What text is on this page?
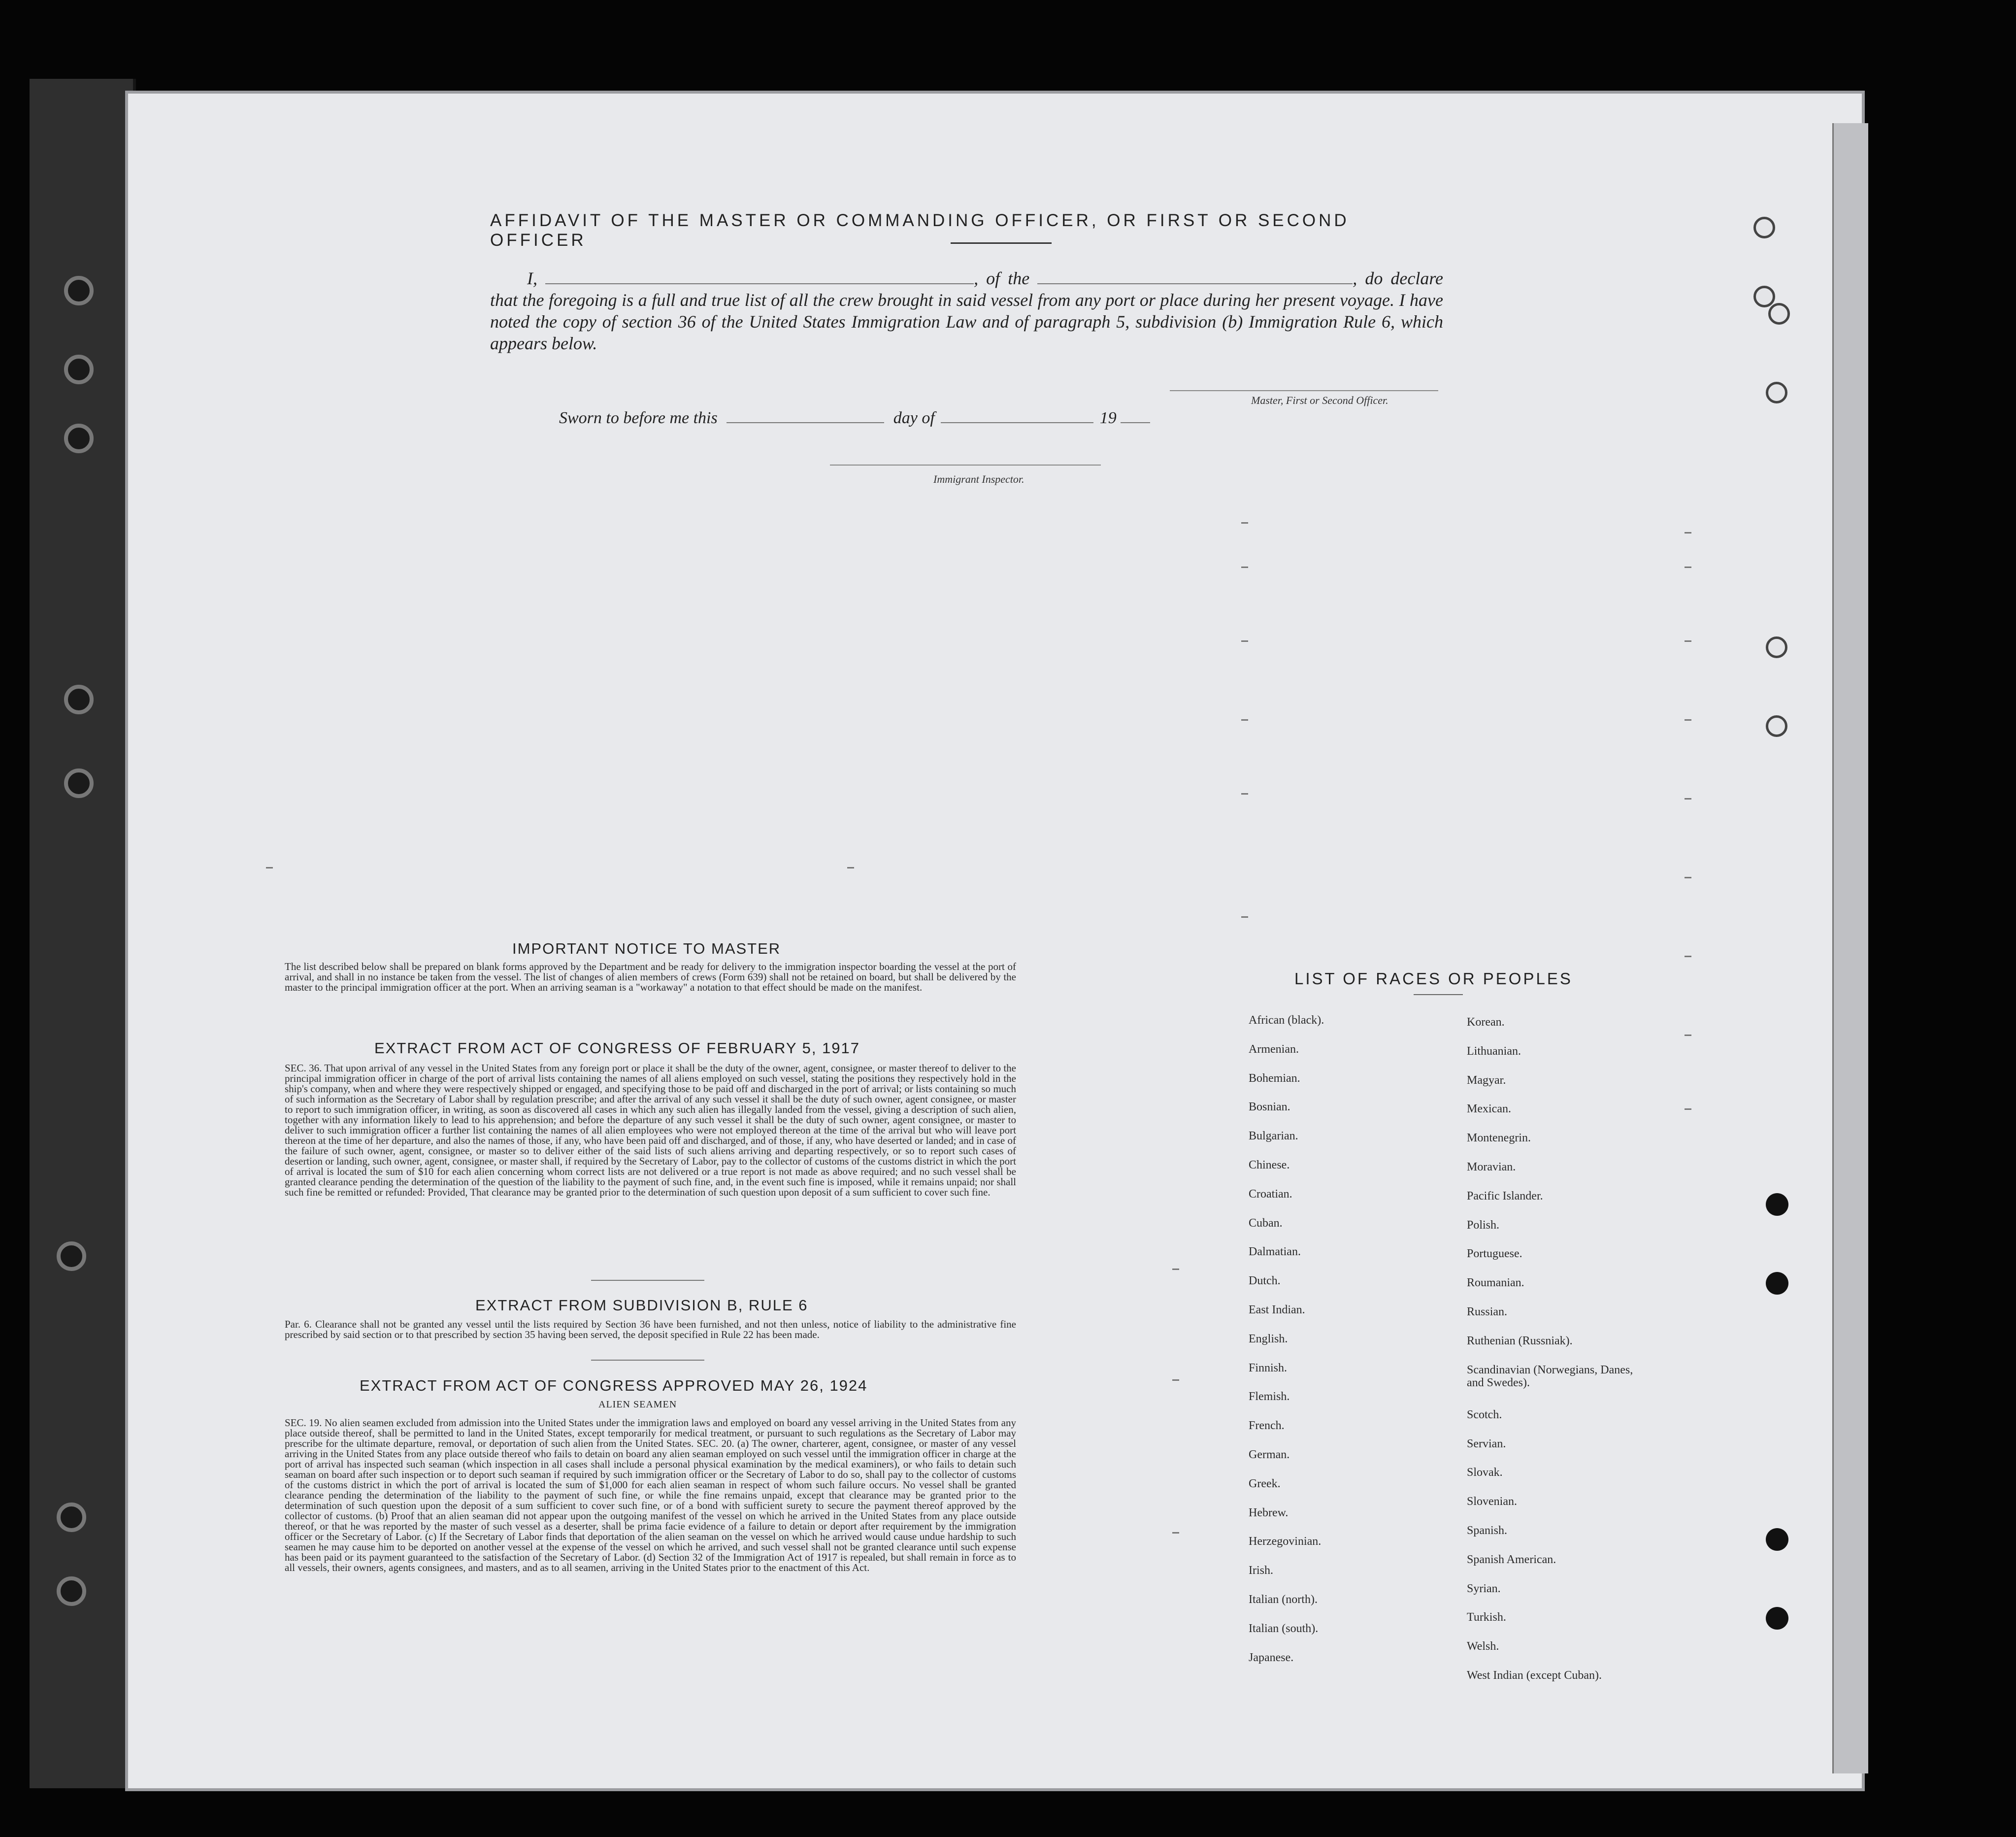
AFFIDAVIT OF THE MASTER OR COMMANDING OFFICER, OR FIRST OR SECOND OFFICER
I,	, of the	, do declare that the foregoing is a full and true list of all the crew brought in said vessel from any port or place during her present voyage. I have noted the copy of section 36 of the United States Immigration Law and of paragraph 5, subdivision (b) Immigration Rule 6, which appears below.
Master, First or Second Officer.
Sworn to before me this	day of	19
Immigrant Inspector.
IMPORTANT NOTICE TO MASTER
The list described below shall be prepared on blank forms approved by the Department and be ready for delivery to the immigration inspector boarding the vessel at the port of arrival, and shall in no instance be taken from the vessel. The list of changes of alien members of crews (Form 639) shall not be retained on board, but shall be delivered by the master to the principal immigration officer at the port. When an arriving seaman is a "workaway" a notation to that effect should be made on the manifest.
EXTRACT FROM ACT OF CONGRESS OF FEBRUARY 5, 1917
SEC. 36. That upon arrival of any vessel in the United States from any foreign port or place it shall be the duty of the owner, agent, consignee, or master thereof to deliver to the principal immigration officer in charge of the port of arrival lists containing the names of all aliens employed on such vessel, stating the positions they respectively hold in the ship's company, when and where they were respectively shipped or engaged, and specifying those to be paid off and discharged in the port of arrival; or lists containing so much of such information as the Secretary of Labor shall by regulation prescribe; and after the arrival of any such vessel it shall be the duty of such owner, agent consignee, or master to report to such immigration officer, in writing, as soon as discovered all cases in which any such alien has illegally landed from the vessel, giving a description of such alien, together with any information likely to lead to his apprehension; and before the departure of any such vessel it shall be the duty of such owner, agent consignee, or master to deliver to such immigration officer a further list containing the names of all alien employees who were not employed thereon at the time of the arrival but who will leave port thereon at the time of her departure, and also the names of those, if any, who have been paid off and discharged, and of those, if any, who have deserted or landed; and in case of the failure of such owner, agent, consignee, or master so to deliver either of the said lists of such aliens arriving and departing respectively, or so to report such cases of desertion or landing, such owner, agent, consignee, or master shall, if required by the Secretary of Labor, pay to the collector of customs of the customs district in which the port of arrival is located the sum of $10 for each alien concerning whom correct lists are not delivered or a true report is not made as above required; and no such vessel shall be granted clearance pending the determination of the question of the liability to the payment of such fine, and, in the event such fine is imposed, while it remains unpaid; nor shall such fine be remitted or refunded: Provided, That clearance may be granted prior to the determination of such question upon deposit of a sum sufficient to cover such fine.
EXTRACT FROM SUBDIVISION B, RULE 6
Par. 6. Clearance shall not be granted any vessel until the lists required by Section 36 have been furnished, and not then unless, notice of liability to the administrative fine prescribed by said section or to that prescribed by section 35 having been served, the deposit specified in Rule 22 has been made.
EXTRACT FROM ACT OF CONGRESS APPROVED MAY 26, 1924
ALIEN SEAMEN
SEC. 19. No alien seamen excluded from admission into the United States under the immigration laws and employed on board any vessel arriving in the United States from any place outside thereof, shall be permitted to land in the United States, except temporarily for medical treatment, or pursuant to such regulations as the Secretary of Labor may prescribe for the ultimate departure, removal, or deportation of such alien from the United States. SEC. 20. (a) The owner, charterer, agent, consignee, or master of any vessel arriving in the United States from any place outside thereof who fails to detain on board any alien seaman employed on such vessel until the immigration officer in charge at the port of arrival has inspected such seaman (which inspection in all cases shall include a personal physical examination by the medical examiners), or who fails to detain such seaman on board after such inspection or to deport such seaman if required by such immigration officer or the Secretary of Labor to do so, shall pay to the collector of customs of the customs district in which the port of arrival is located the sum of $1,000 for each alien seaman in respect of whom such failure occurs. No vessel shall be granted clearance pending the determination of the liability to the payment of such fine, or while the fine remains unpaid, except that clearance may be granted prior to the determination of such question upon the deposit of a sum sufficient to cover such fine, or of a bond with sufficient surety to secure the payment thereof approved by the collector of customs. (b) Proof that an alien seaman did not appear upon the outgoing manifest of the vessel on which he arrived in the United States from any place outside thereof, or that he was reported by the master of such vessel as a deserter, shall be prima facie evidence of a failure to detain or deport after requirement by the immigration officer or the Secretary of Labor. (c) If the Secretary of Labor finds that deportation of the alien seaman on the vessel on which he arrived would cause undue hardship to such seamen he may cause him to be deported on another vessel at the expense of the vessel on which he arrived, and such vessel shall not be granted clearance until such expense has been paid or its payment guaranteed to the satisfaction of the Secretary of Labor. (d) Section 32 of the Immigration Act of 1917 is repealed, but shall remain in force as to all vessels, their owners, agents consignees, and masters, and as to all seamen, arriving in the United States prior to the enactment of this Act.
LIST OF RACES OR PEOPLES
African (black).
Armenian.
Bohemian.
Bosnian.
Bulgarian.
Chinese.
Croatian.
Cuban.
Dalmatian.
Dutch.
East Indian.
English.
Finnish.
Flemish.
French.
German.
Greek.
Hebrew.
Herzegovinian.
Irish.
Italian (north).
Italian (south).
Japanese.
Korean.
Lithuanian.
Magyar.
Mexican.
Montenegrin.
Moravian.
Pacific Islander.
Polish.
Portuguese.
Roumanian.
Russian.
Ruthenian (Russniak).
Scandinavian (Norwegians, Danes, and Swedes).
Scotch.
Servian.
Slovak.
Slovenian.
Spanish.
Spanish American.
Syrian.
Turkish.
Welsh.
West Indian (except Cuban).
